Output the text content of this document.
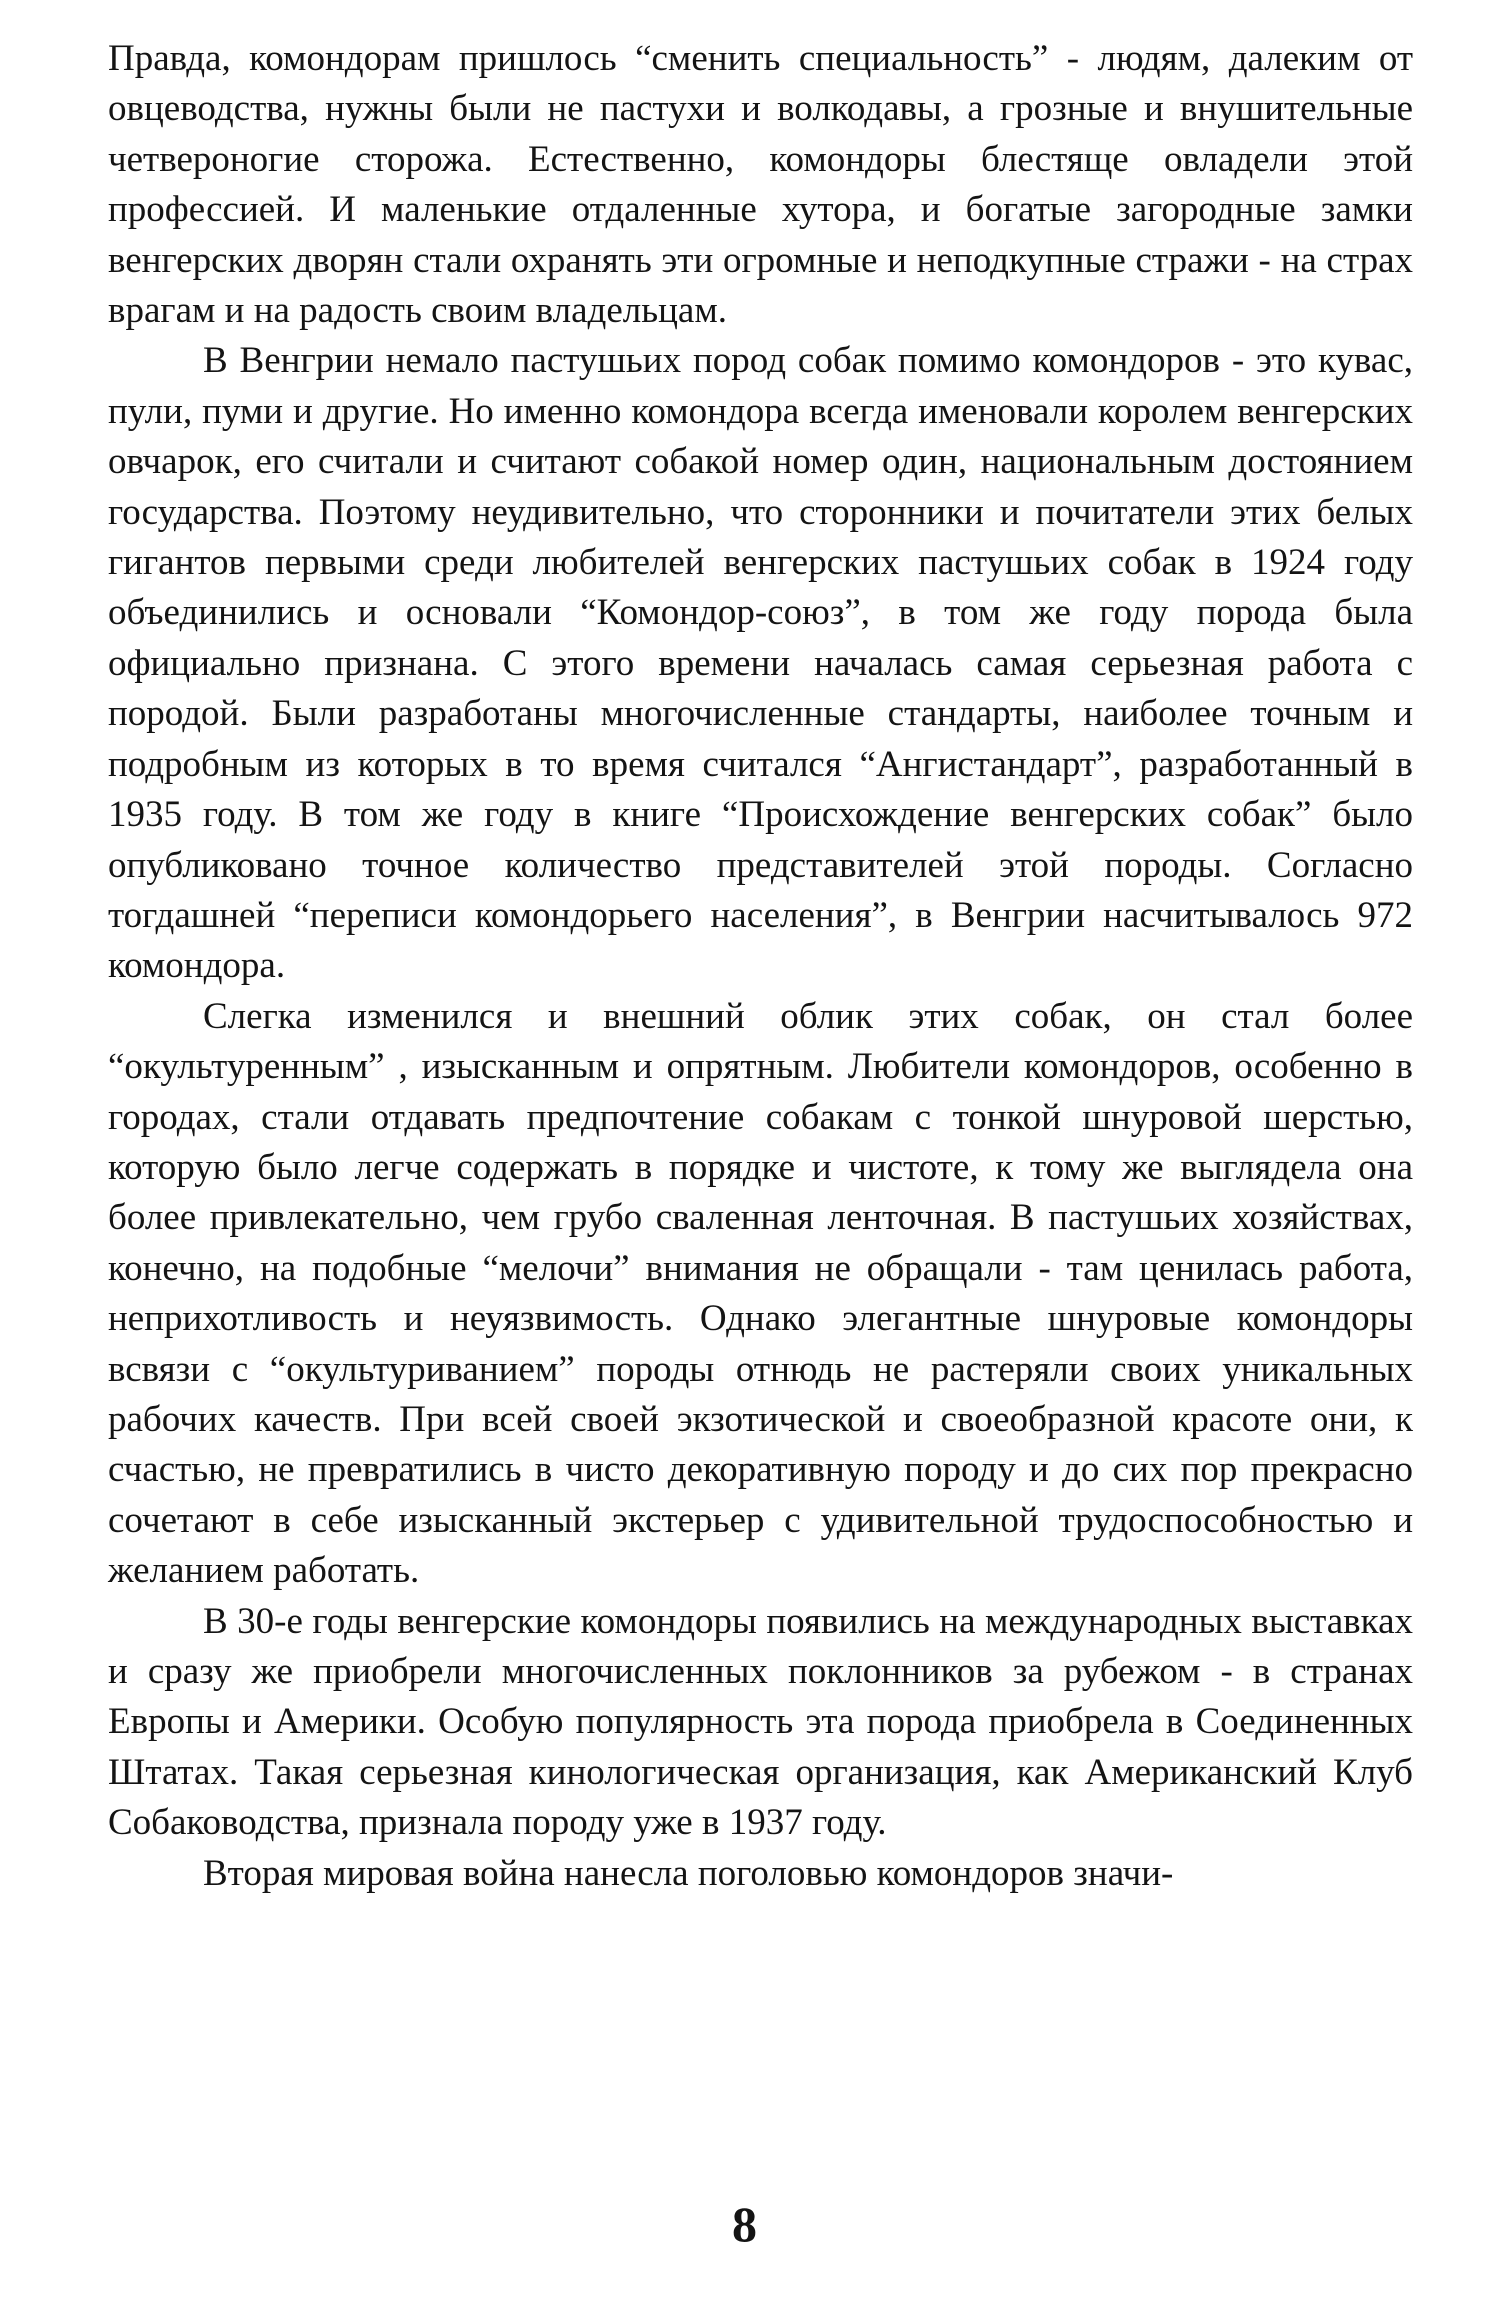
Правда, комондорам пришлось “сменить специальность” - людям, далеким от овцеводства, нужны были не пастухи и волкодавы, а грозные и внушительные четвероногие сторожа. Естественно, комондоры блестяще овладели этой профессией. И маленькие отдаленные хутора, и богатые загородные замки венгерских дворян стали охранять эти огромные и неподкупные стражи - на страх врагам и на радость своим владельцам.

В Венгрии немало пастушьих пород собак помимо комондоров - это кувас, пули, пуми и другие. Но именно комондора всегда именовали королем венгерских овчарок, его считали и считают собакой номер один, национальным достоянием государства. Поэтому неудивительно, что сторонники и почитатели этих белых гигантов первыми среди любителей венгерских пастушьих собак в 1924 году объединились и основали “Комондор-союз”, в том же году порода была официально признана. С этого времени началась самая серьезная работа с породой. Были разработаны многочисленные стандарты, наиболее точным и подробным из которых в то время считался “Ангистандарт”, разработанный в 1935 году. В том же году в книге “Происхождение венгерских собак” было опубликовано точное количество представителей этой породы. Согласно тогдашней “переписи комондорьего населения”, в Венгрии насчитывалось 972 комондора.

Слегка изменился и внешний облик этих собак, он стал более “окультуренным” , изысканным и опрятным. Любители комондоров, особенно в городах, стали отдавать предпочтение собакам с тонкой шнуровой шерстью, которую было легче содержать в порядке и чистоте, к тому же выглядела она более привлекательно, чем грубо сваленная ленточная. В пастушьих хозяйствах, конечно, на подобные “мелочи” внимания не обращали - там ценилась работа, неприхотливость и неуязвимость. Однако элегантные шнуровые комондоры всвязи с “окультуриванием” породы отнюдь не растеряли своих уникальных рабочих качеств. При всей своей экзотической и своеобразной красоте они, к счастью, не превратились в чисто декоративную породу и до сих пор прекрасно сочетают в себе изысканный экстерьер с удивительной трудоспособностью и желанием работать.

В 30-е годы венгерские комондоры появились на международных выставках и сразу же приобрели многочисленных поклонников за рубежом - в странах Европы и Америки. Особую популярность эта порода приобрела в Соединенных Штатах. Такая серьезная кинологическая организация, как Американский Клуб Собаководства, признала породу уже в 1937 году.

Вторая мировая война нанесла поголовью комондоров значи-

8
